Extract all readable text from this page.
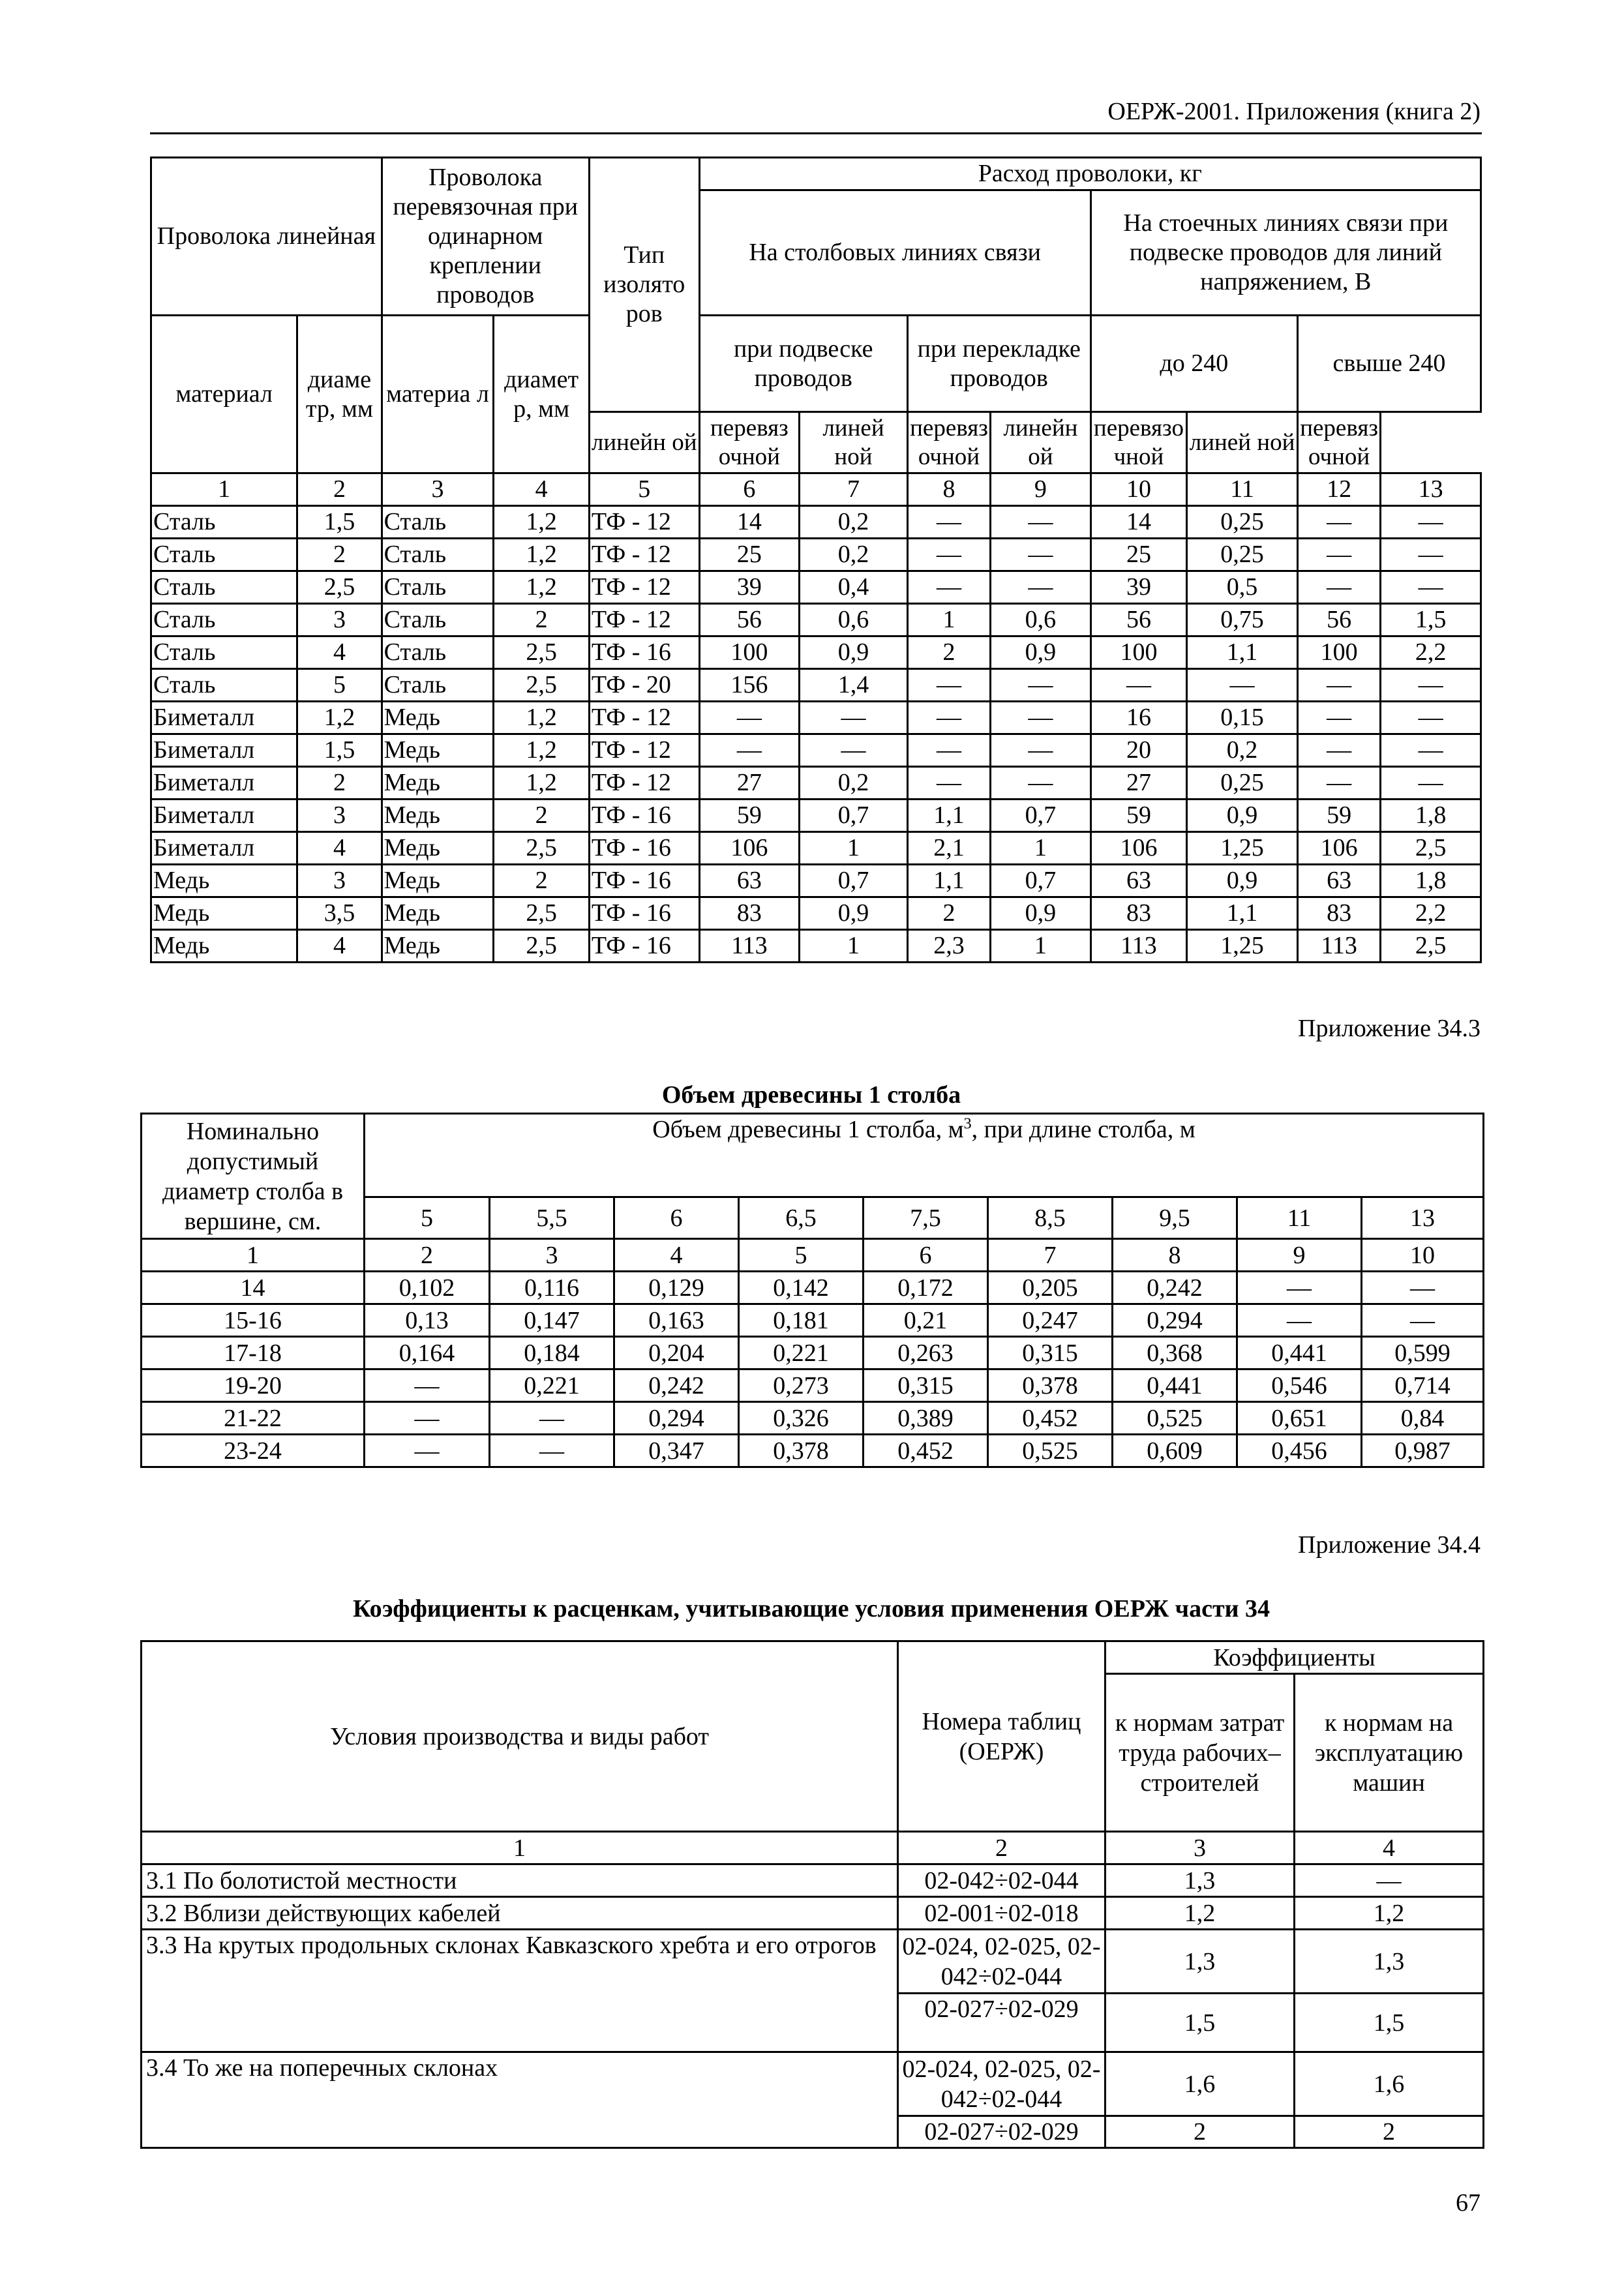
ОЕРЖ-2001. Приложения (книга 2)
Проволока линейная		Проволока перевязочная при одинарном креплении проводов		Тип изолято ров	Расход проволоки, кг							
					На столбовых линиях связи				На стоечных линиях связи при подвеске проводов для линий напряжением, В			
материал	диаме тр, мм	материа л	диамет р, мм		при подвеске проводов		при перекладке проводов		до 240		свыше 240	
				линейн ой	перевяз очной	линей ной	перевяз очной	линейн ой	перевязо чной	линей ной	перевяз очной	
1	2	3	4	5	6	7	8	9	10	11	12	13
Сталь	1,5	Сталь	1,2	ТФ - 12	14	0,2	—	—	14	0,25	—	—
Сталь	2	Сталь	1,2	ТФ - 12	25	0,2	—	—	25	0,25	—	—
Сталь	2,5	Сталь	1,2	ТФ - 12	39	0,4	—	—	39	0,5	—	—
Сталь	3	Сталь	2	ТФ - 12	56	0,6	1	0,6	56	0,75	56	1,5
Сталь	4	Сталь	2,5	ТФ - 16	100	0,9	2	0,9	100	1,1	100	2,2
Сталь	5	Сталь	2,5	ТФ - 20	156	1,4	—	—	—	—	—	—
Биметалл	1,2	Медь	1,2	ТФ - 12	—	—	—	—	16	0,15	—	—
Биметалл	1,5	Медь	1,2	ТФ - 12	—	—	—	—	20	0,2	—	—
Биметалл	2	Медь	1,2	ТФ - 12	27	0,2	—	—	27	0,25	—	—
Биметалл	3	Медь	2	ТФ - 16	59	0,7	1,1	0,7	59	0,9	59	1,8
Биметалл	4	Медь	2,5	ТФ - 16	106	1	2,1	1	106	1,25	106	2,5
Медь	3	Медь	2	ТФ - 16	63	0,7	1,1	0,7	63	0,9	63	1,8
Медь	3,5	Медь	2,5	ТФ - 16	83	0,9	2	0,9	83	1,1	83	2,2
Медь	4	Медь	2,5	ТФ - 16	113	1	2,3	1	113	1,25	113	2,5
Приложение 34.3
Объем древесины 1 столба
Номинально допустимый диаметр столба в вершине, см.	Объем древесины 1 столба, $м^3$, при длине столба, м								
	5	5,5	6	6,5	7,5	8,5	9,5	11	13
1	2	3	4	5	6	7	8	9	10
14	0,102	0,116	0,129	0,142	0,172	0,205	0,242	—	—
15-16	0,13	0,147	0,163	0,181	0,21	0,247	0,294	—	—
17-18	0,164	0,184	0,204	0,221	0,263	0,315	0,368	0,441	0,599
19-20	—	0,221	0,242	0,273	0,315	0,378	0,441	0,546	0,714
21-22	—	—	0,294	0,326	0,389	0,452	0,525	0,651	0,84
23-24	—	—	0,347	0,378	0,452	0,525	0,609	0,456	0,987
Приложение 34.4
Коэффициенты к расценкам, учитывающие условия применения ОЕРЖ части 34
Условия производства и виды работ	Номера таблиц (ОЕРЖ)	Коэффициенты	
		к нормам затрат труда рабочих–строителей	к нормам на эксплуатацию машин
1	2	3	4
3.1 По болотистой местности	02-042÷02-044	1,3	—
3.2 Вблизи действующих кабелей	02-001÷02-018	1,2	1,2
3.3 На крутых продольных склонах Кавказского хребта и его отрогов	02-024, 02-025, 02-042÷02-044	1,3	1,3
	02-027÷02-029	1,5	1,5
3.4 То же на поперечных склонах	02-024, 02-025, 02-042÷02-044	1,6	1,6
	02-027÷02-029	2	2
67
